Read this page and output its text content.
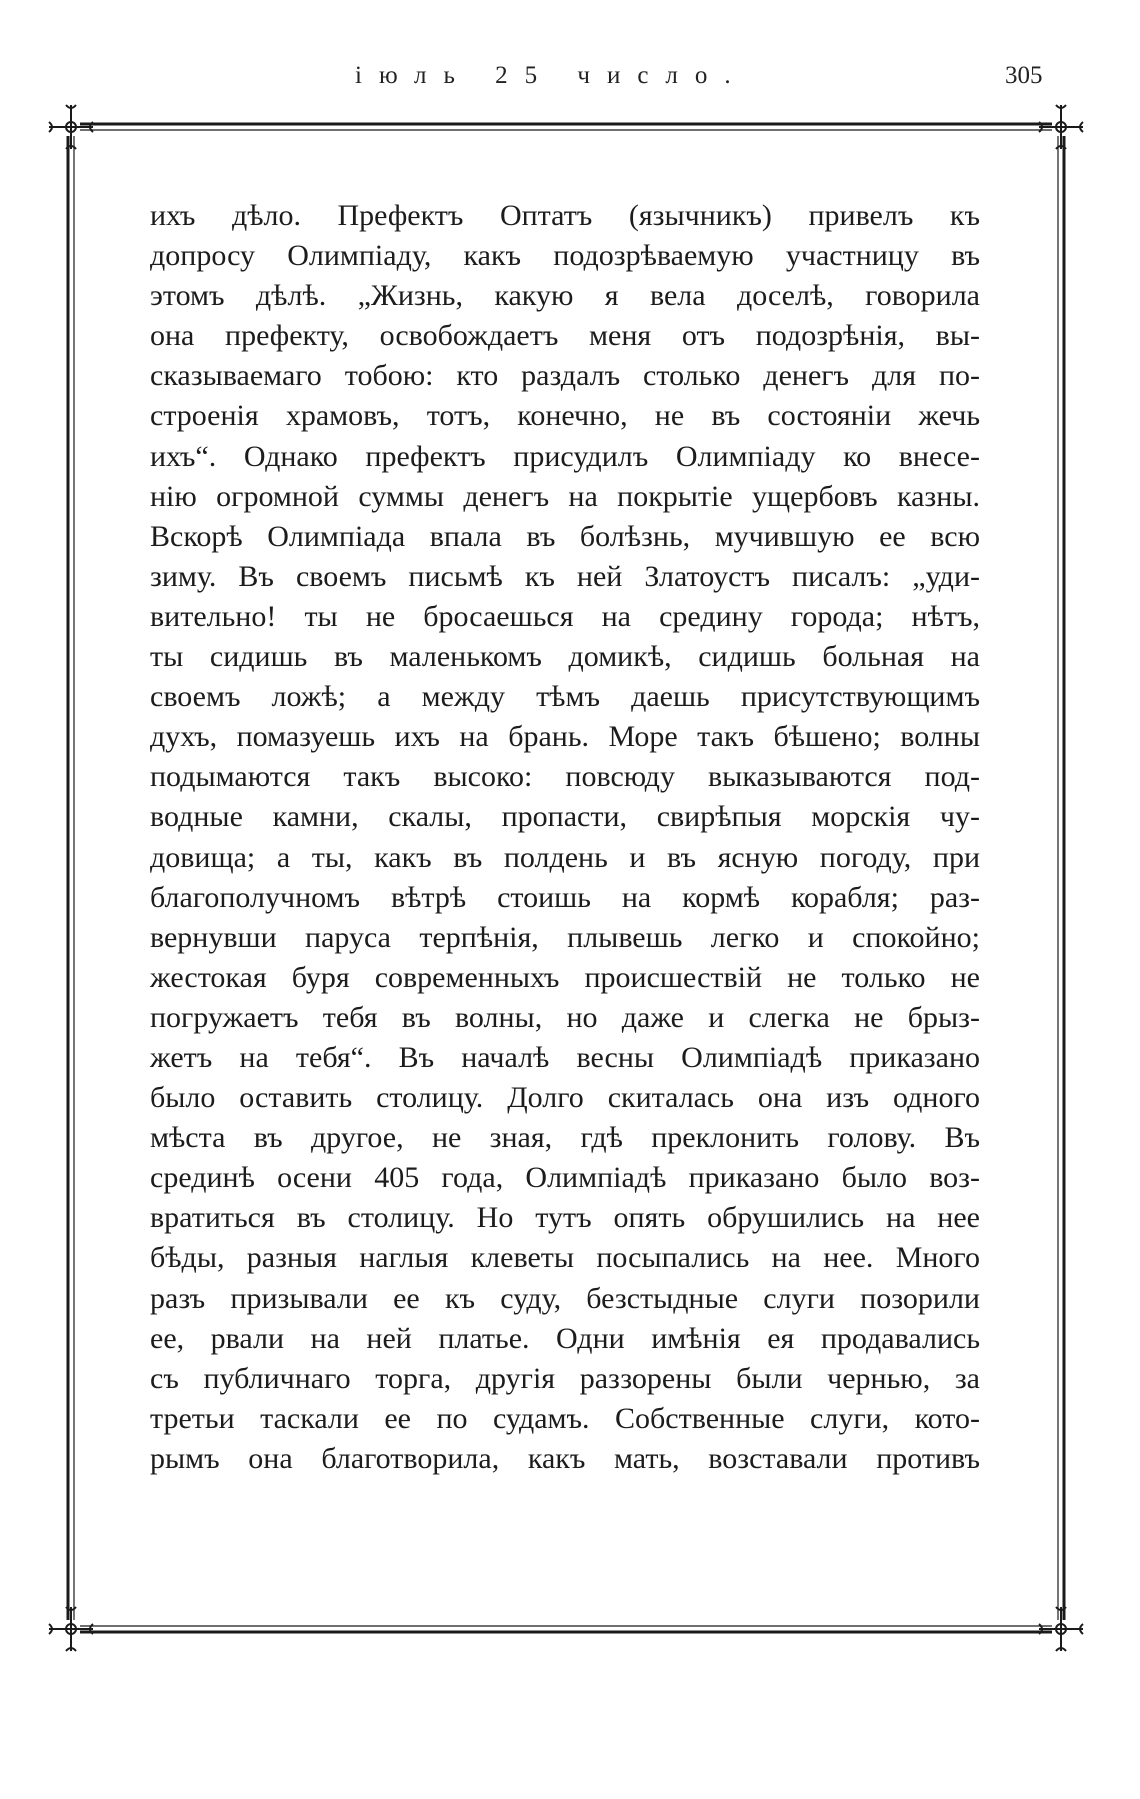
іюль 25 число.	305
ихъ дѣло. Префектъ Оптатъ (язычникъ) привелъ къ
допросу Олимпіаду, какъ подозрѣваемую участницу въ
этомъ дѣлѣ. „Жизнь, какую я вела доселѣ, говорила
она префекту, освобождаетъ меня отъ подозрѣнія, вы-
сказываемаго тобою: кто раздалъ столько денегъ для по-
строенія храмовъ, тотъ, конечно, не въ состояніи жечь
ихъ“. Однако префектъ присудилъ Олимпіаду ко внесе-
нію огромной суммы денегъ на покрытіе ущербовъ казны.
Вскорѣ Олимпіада впала въ болѣзнь, мучившую ее всю
зиму. Въ своемъ письмѣ къ ней Златоустъ писалъ: „уди-
вительно! ты не бросаешься на средину города; нѣтъ,
ты сидишь въ маленькомъ домикѣ, сидишь больная на
своемъ ложѣ; а между тѣмъ даешь присутствующимъ
духъ, помазуешь ихъ на брань. Море такъ бѣшено; волны
подымаются такъ высоко: повсюду выказываются под-
водные камни, скалы, пропасти, свирѣпыя морскія чу-
довища; а ты, какъ въ полдень и въ ясную погоду, при
благополучномъ вѣтрѣ стоишь на кормѣ корабля; раз-
вернувши паруса терпѣнія, плывешь легко и спокойно;
жестокая буря современныхъ происшествій не только не
погружаетъ тебя въ волны, но даже и слегка не брыз-
жетъ на тебя“. Въ началѣ весны Олимпіадѣ приказано
было оставить столицу. Долго скиталась она изъ одного
мѣста въ другое, не зная, гдѣ преклонить голову. Въ
срединѣ осени 405 года, Олимпіадѣ приказано было воз-
вратиться въ столицу. Но тутъ опять обрушились на нее
бѣды, разныя наглыя клеветы посыпались на нее. Много
разъ призывали ее къ суду, безстыдные слуги позорили
ее, рвали на ней платье. Одни имѣнія ея продавались
съ публичнаго торга, другія раззорены были чернью, за
третьи таскали ее по судамъ. Собственные слуги, кото-
рымъ она благотворила, какъ мать, возставали противъ
